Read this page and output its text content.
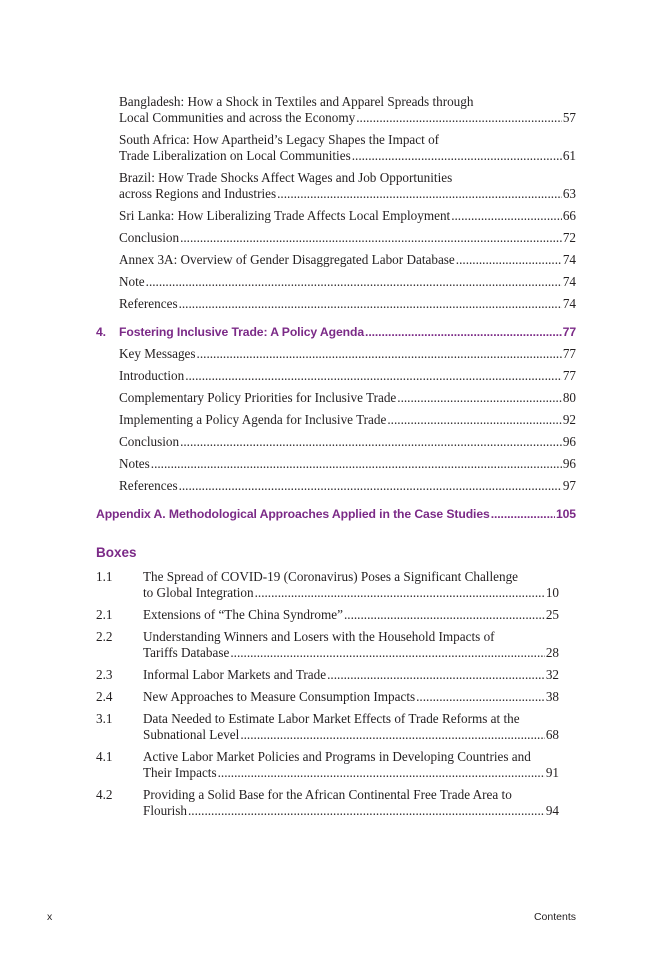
Bangladesh: How a Shock in Textiles and Apparel Spreads through
Local Communities and across the Economy .....	57
South Africa: How Apartheid’s Legacy Shapes the Impact of
Trade Liberalization on Local Communities .....	61
Brazil: How Trade Shocks Affect Wages and Job Opportunities
across Regions and Industries .....	63
Sri Lanka: How Liberalizing Trade Affects Local Employment .....	66
Conclusion .....	72
Annex 3A: Overview of Gender Disaggregated Labor Database .....	74
Note .....	74
References .....	74
4. Fostering Inclusive Trade: A Policy Agenda .....	77
Key Messages .....	77
Introduction .....	77
Complementary Policy Priorities for Inclusive Trade .....	80
Implementing a Policy Agenda for Inclusive Trade .....	92
Conclusion .....	96
Notes .....	96
References .....	97
Appendix A. Methodological Approaches Applied in the Case Studies .....	105
Boxes
1.1 The Spread of COVID-19 (Coronavirus) Poses a Significant Challenge
to Global Integration .....	10
2.1 Extensions of “The China Syndrome” .....	25
2.2 Understanding Winners and Losers with the Household Impacts of
Tariffs Database .....	28
2.3 Informal Labor Markets and Trade .....	32
2.4 New Approaches to Measure Consumption Impacts .....	38
3.1 Data Needed to Estimate Labor Market Effects of Trade Reforms at the
Subnational Level .....	68
4.1 Active Labor Market Policies and Programs in Developing Countries and
Their Impacts .....	91
4.2 Providing a Solid Base for the African Continental Free Trade Area to
Flourish .....	94
x	Contents
